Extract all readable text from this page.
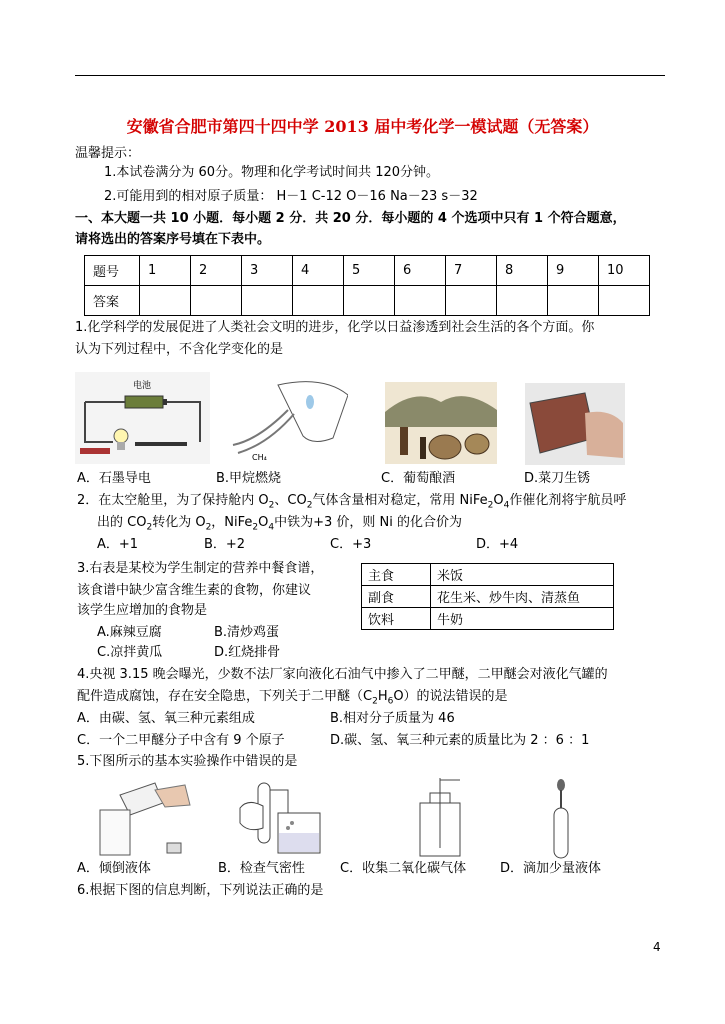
安徽省合肥市第四十四中学 2013 届中考化学一模试题（无答案）
温馨提示：
1.本试卷满分为 60分。物理和化学考试时间共 120分钟。
2.可能用到的相对原子质量： H－1 C-12 O－16 Na－23 s－32
一、本大题一共 10 小题．每小题 2 分．共 20 分．每小题的 4 个选项中只有 1 个符合题意，
请将选出的答案序号填在下表中。
题号	1	2	3	4	5	6	7	8	9	10
答案										
1.化学科学的发展促进了人类社会文明的进步，化学以日益渗透到社会生活的各个方面。你
认为下列过程中，不含化学变化的是
电池
CH₄
A．石墨导电	B.甲烷燃烧	C．葡萄酿酒	D.菜刀生锈
2．在太空舱里，为了保持舱内 $O_2$、$CO_2$气体含量相对稳定，常用 $NiFe_2O_4$作催化剂将宇航员呼
出的 $CO_2$转化为 $O_2$，$NiFe_2O_4$中铁为+3 价，则 Ni 的化合价为
A．+1	B．+2	C．+3	D．+4
3.右表是某校为学生制定的营养中餐食谱，
该食谱中缺少富含维生素的食物，你建议
该学生应增加的食物是
A.麻辣豆腐	B.清炒鸡蛋
C.凉拌黄瓜	D.红烧排骨
主食	米饭
副食	花生米、炒牛肉、清蒸鱼
饮料	牛奶
4.央视 3.15 晚会曝光，少数不法厂家向液化石油气中掺入了二甲醚，二甲醚会对液化气罐的
配件造成腐蚀，存在安全隐患，下列关于二甲醚$(C_2H_6O)$的说法错误的是
A．由碳、氢、氧三种元素组成	B.相对分子质量为 46
C．一个二甲醚分子中含有 9 个原子	D.碳、氢、氧三种元素的质量比为 2 ：6 ：1
5.下图所示的基本实验操作中错误的是
A．倾倒液体	B．检查气密性	C．收集二氧化碳气体	D．滴加少量液体
6.根据下图的信息判断，下列说法正确的是
4
